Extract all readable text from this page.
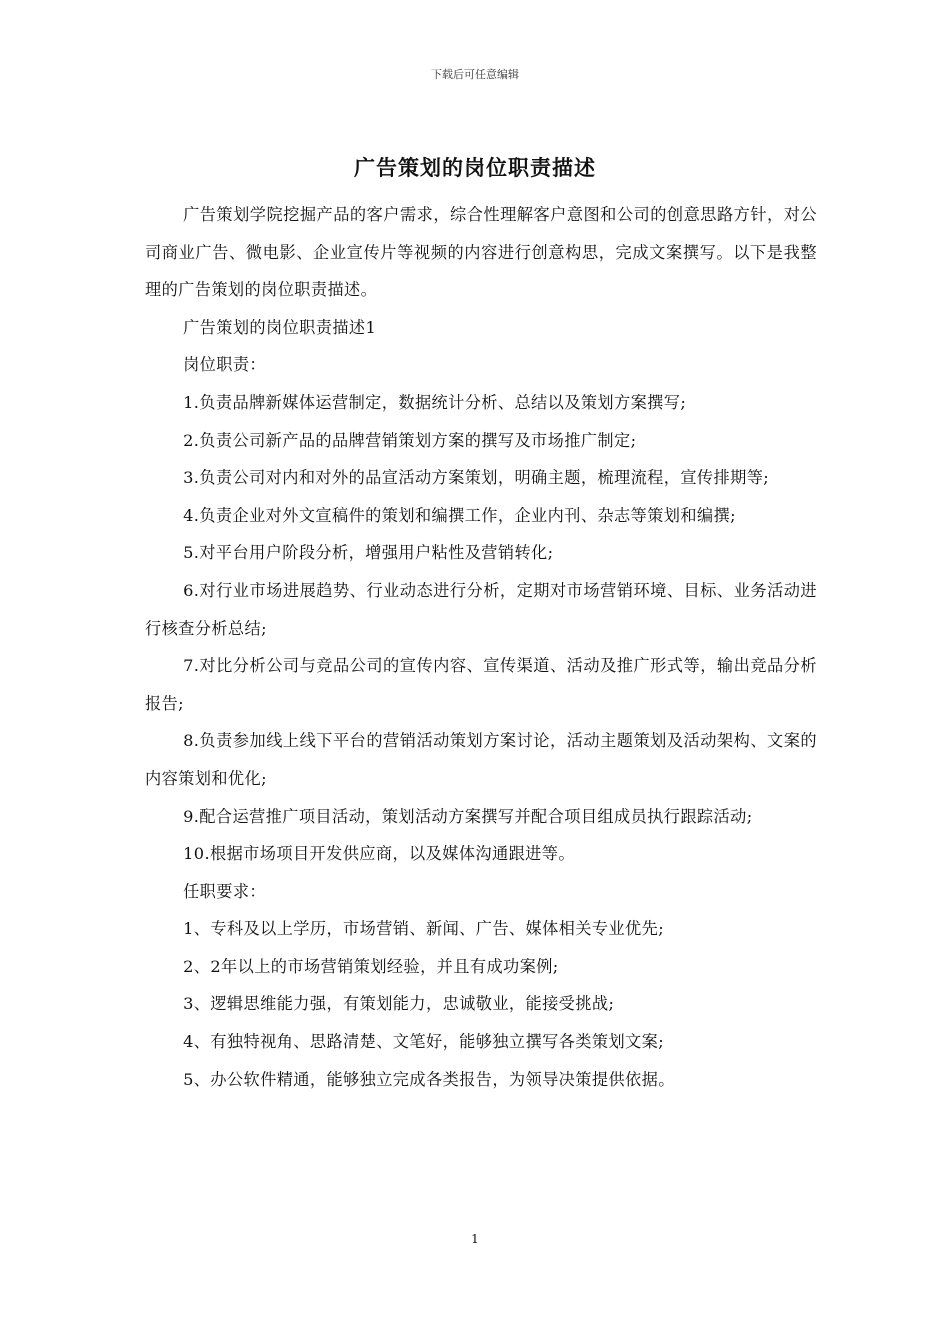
下载后可任意编辑
广告策划的岗位职责描述

广告策划学院挖掘产品的客户需求，综合性理解客户意图和公司的创意思路方针，对公司商业广告、微电影、企业宣传片等视频的内容进行创意构思，完成文案撰写。以下是我整理的广告策划的岗位职责描述。

广告策划的岗位职责描述1

岗位职责：

1.负责品牌新媒体运营制定，数据统计分析、总结以及策划方案撰写;

2.负责公司新产品的品牌营销策划方案的撰写及市场推广制定;

3.负责公司对内和对外的品宣活动方案策划，明确主题，梳理流程，宣传排期等;

4.负责企业对外文宣稿件的策划和编撰工作，企业内刊、杂志等策划和编撰;

5.对平台用户阶段分析，增强用户粘性及营销转化;

6.对行业市场进展趋势、行业动态进行分析，定期对市场营销环境、目标、业务活动进行核查分析总结;

7.对比分析公司与竞品公司的宣传内容、宣传渠道、活动及推广形式等，输出竞品分析报告;

8.负责参加线上线下平台的营销活动策划方案讨论，活动主题策划及活动架构、文案的内容策划和优化;

9.配合运营推广项目活动，策划活动方案撰写并配合项目组成员执行跟踪活动;

10.根据市场项目开发供应商，以及媒体沟通跟进等。

任职要求：

1、专科及以上学历，市场营销、新闻、广告、媒体相关专业优先;

2、2年以上的市场营销策划经验，并且有成功案例;

3、逻辑思维能力强，有策划能力，忠诚敬业，能接受挑战;

4、有独特视角、思路清楚、文笔好，能够独立撰写各类策划文案;

5、办公软件精通，能够独立完成各类报告，为领导决策提供依据。

1
